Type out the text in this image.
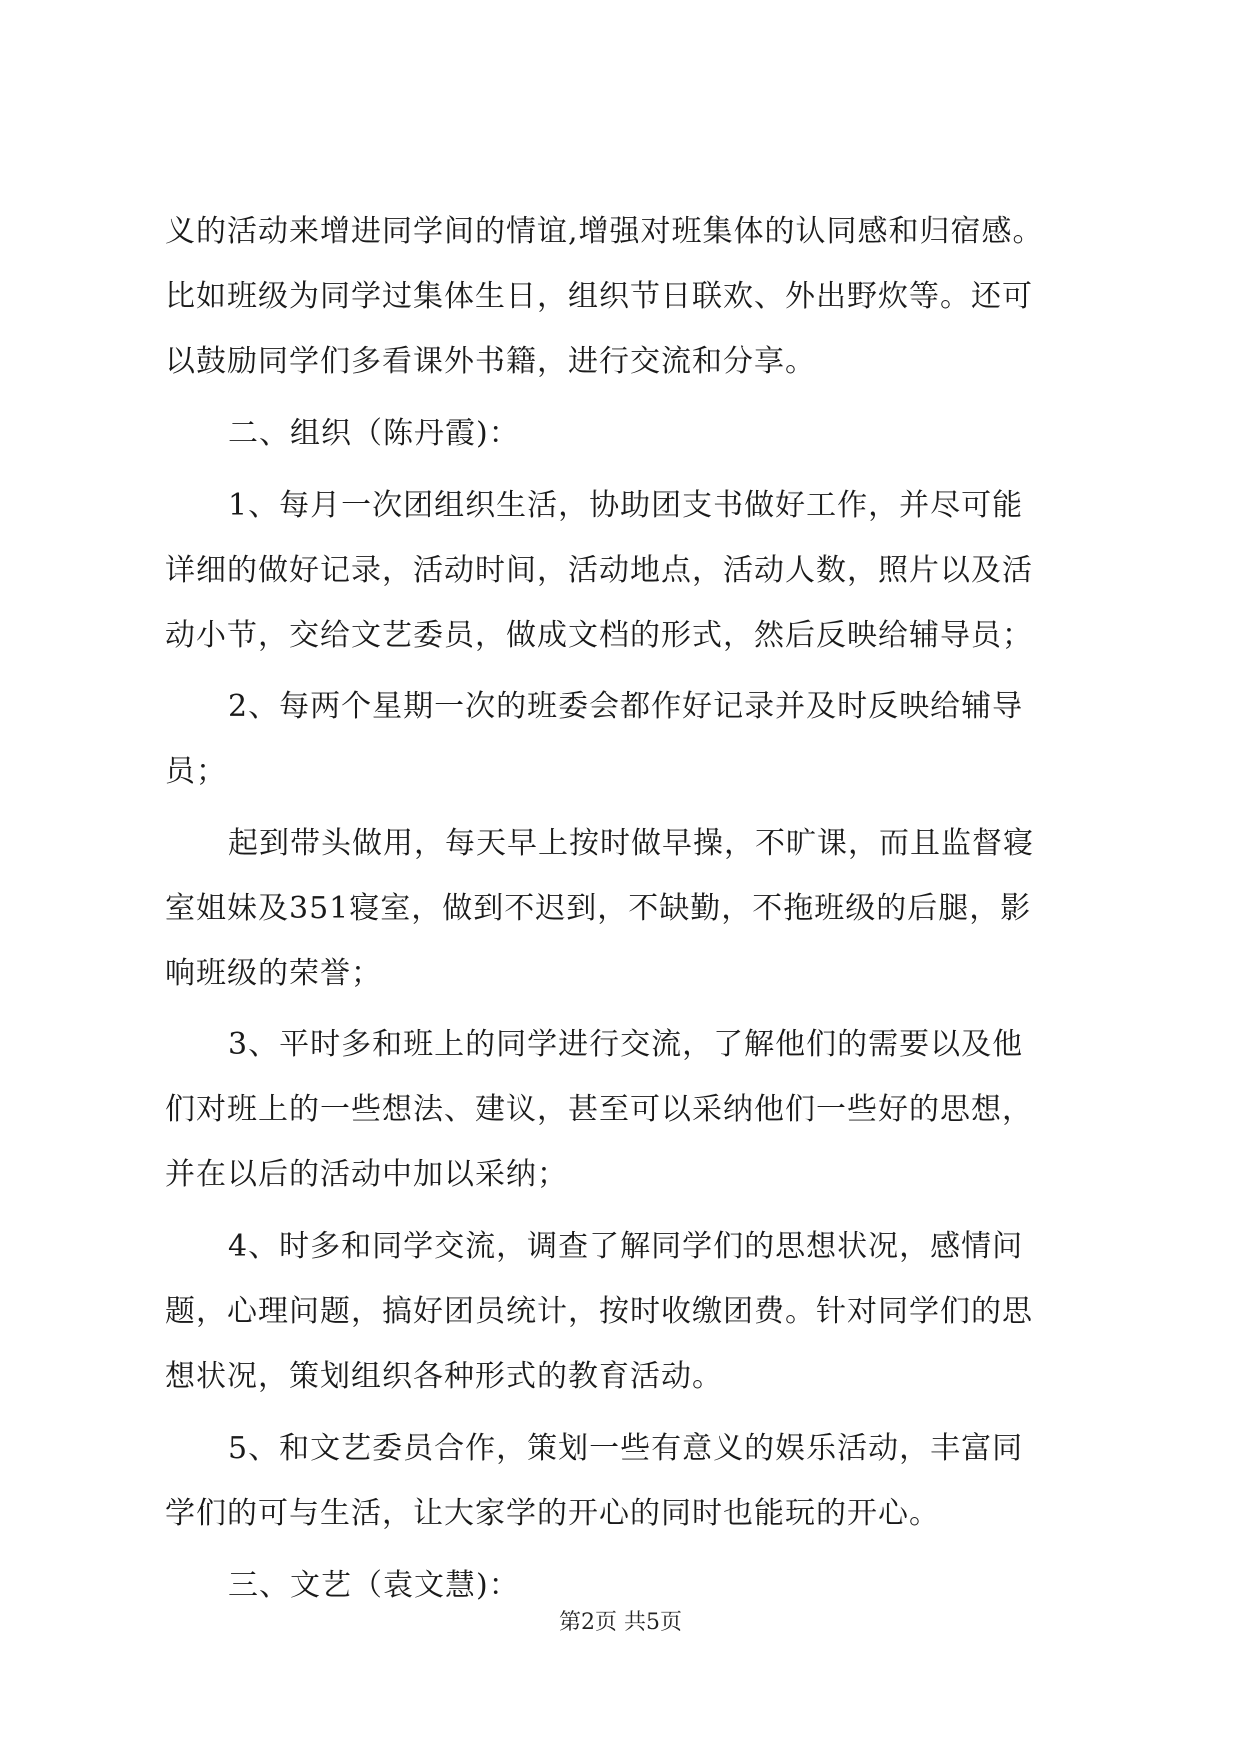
义的活动来增进同学间的情谊,增强对班集体的认同感和归宿感。
比如班级为同学过集体生日，组织节日联欢、外出野炊等。还可
以鼓励同学们多看课外书籍，进行交流和分享。
二、组织（陈丹霞)：
1、每月一次团组织生活，协助团支书做好工作，并尽可能
详细的做好记录，活动时间，活动地点，活动人数，照片以及活
动小节，交给文艺委员，做成文档的形式，然后反映给辅导员；
2、每两个星期一次的班委会都作好记录并及时反映给辅导
员；
起到带头做用，每天早上按时做早操，不旷课，而且监督寝
室姐妹及351寝室，做到不迟到，不缺勤，不拖班级的后腿，影
响班级的荣誉；
3、平时多和班上的同学进行交流，了解他们的需要以及他
们对班上的一些想法、建议，甚至可以采纳他们一些好的思想，
并在以后的活动中加以采纳；
4、时多和同学交流，调查了解同学们的思想状况，感情问
题，心理问题，搞好团员统计，按时收缴团费。针对同学们的思
想状况，策划组织各种形式的教育活动。
5、和文艺委员合作，策划一些有意义的娱乐活动，丰富同
学们的可与生活，让大家学的开心的同时也能玩的开心。
三、文艺（袁文慧)：
第2页 共5页
